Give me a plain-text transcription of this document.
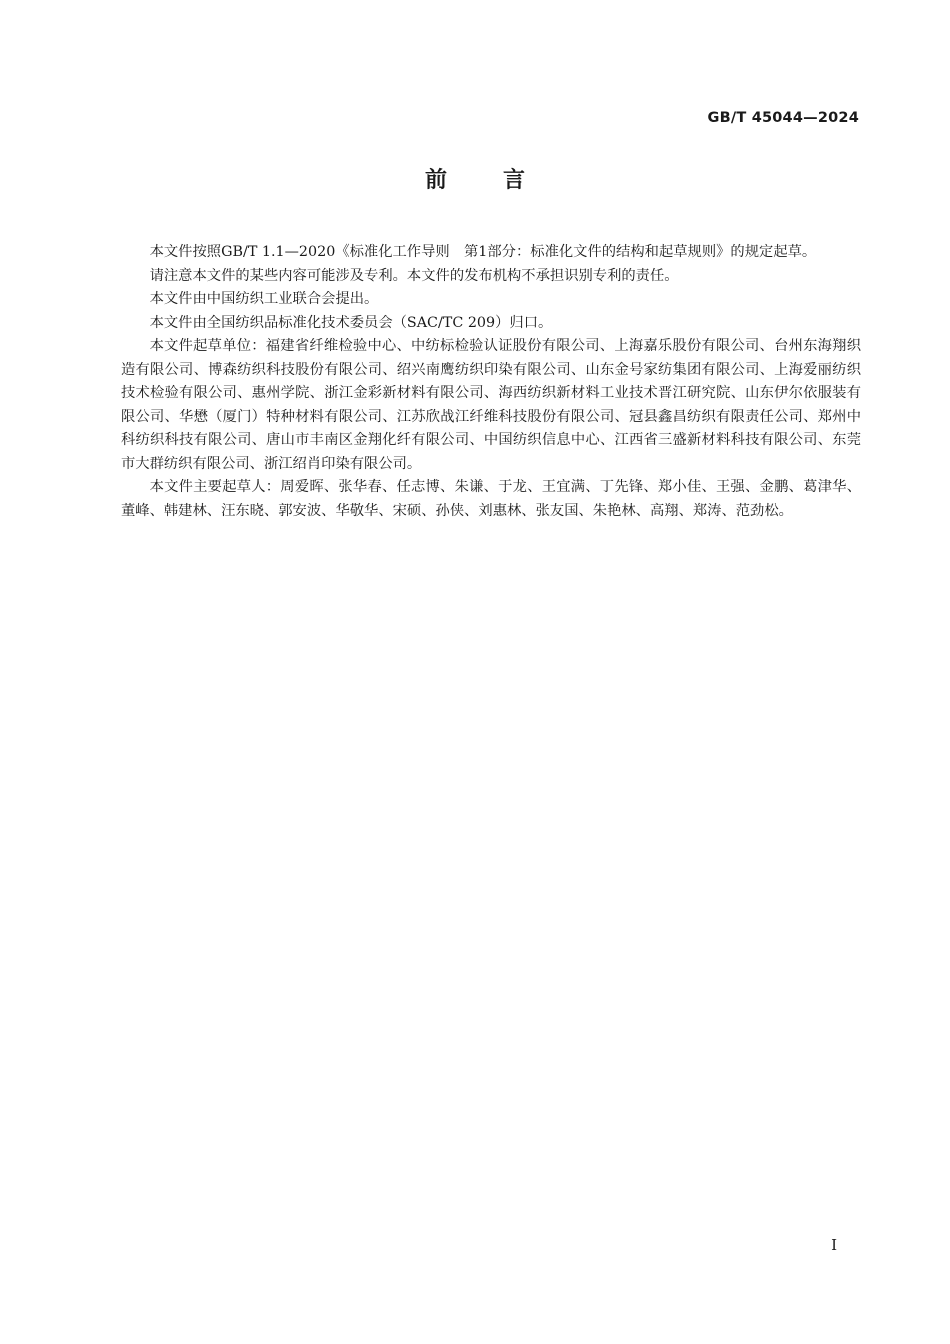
GB/T 45044—2024
前言

本文件按照GB/T 1.1—2020《标准化工作导则　第1部分：标准化文件的结构和起草规则》的规定起草。

请注意本文件的某些内容可能涉及专利。本文件的发布机构不承担识别专利的责任。

本文件由中国纺织工业联合会提出。

本文件由全国纺织品标准化技术委员会（SAC/TC 209）归口。

本文件起草单位：福建省纤维检验中心、中纺标检验认证股份有限公司、上海嘉乐股份有限公司、台州东海翔织造有限公司、博森纺织科技股份有限公司、绍兴南鹰纺织印染有限公司、山东金号家纺集团有限公司、上海爱丽纺织技术检验有限公司、惠州学院、浙江金彩新材料有限公司、海西纺织新材料工业技术晋江研究院、山东伊尔依服装有限公司、华懋（厦门）特种材料有限公司、江苏欣战江纤维科技股份有限公司、冠县鑫昌纺织有限责任公司、郑州中科纺织科技有限公司、唐山市丰南区金翔化纤有限公司、中国纺织信息中心、江西省三盛新材料科技有限公司、东莞市大群纺织有限公司、浙江绍肖印染有限公司。

本文件主要起草人：周爱晖、张华春、任志博、朱谦、于龙、王宜满、丁先锋、郑小佳、王强、金鹏、葛津华、董峰、韩建林、汪东晓、郭安波、华敬华、宋硕、孙侠、刘惠林、张友国、朱艳林、高翔、郑涛、范劲松。

I
